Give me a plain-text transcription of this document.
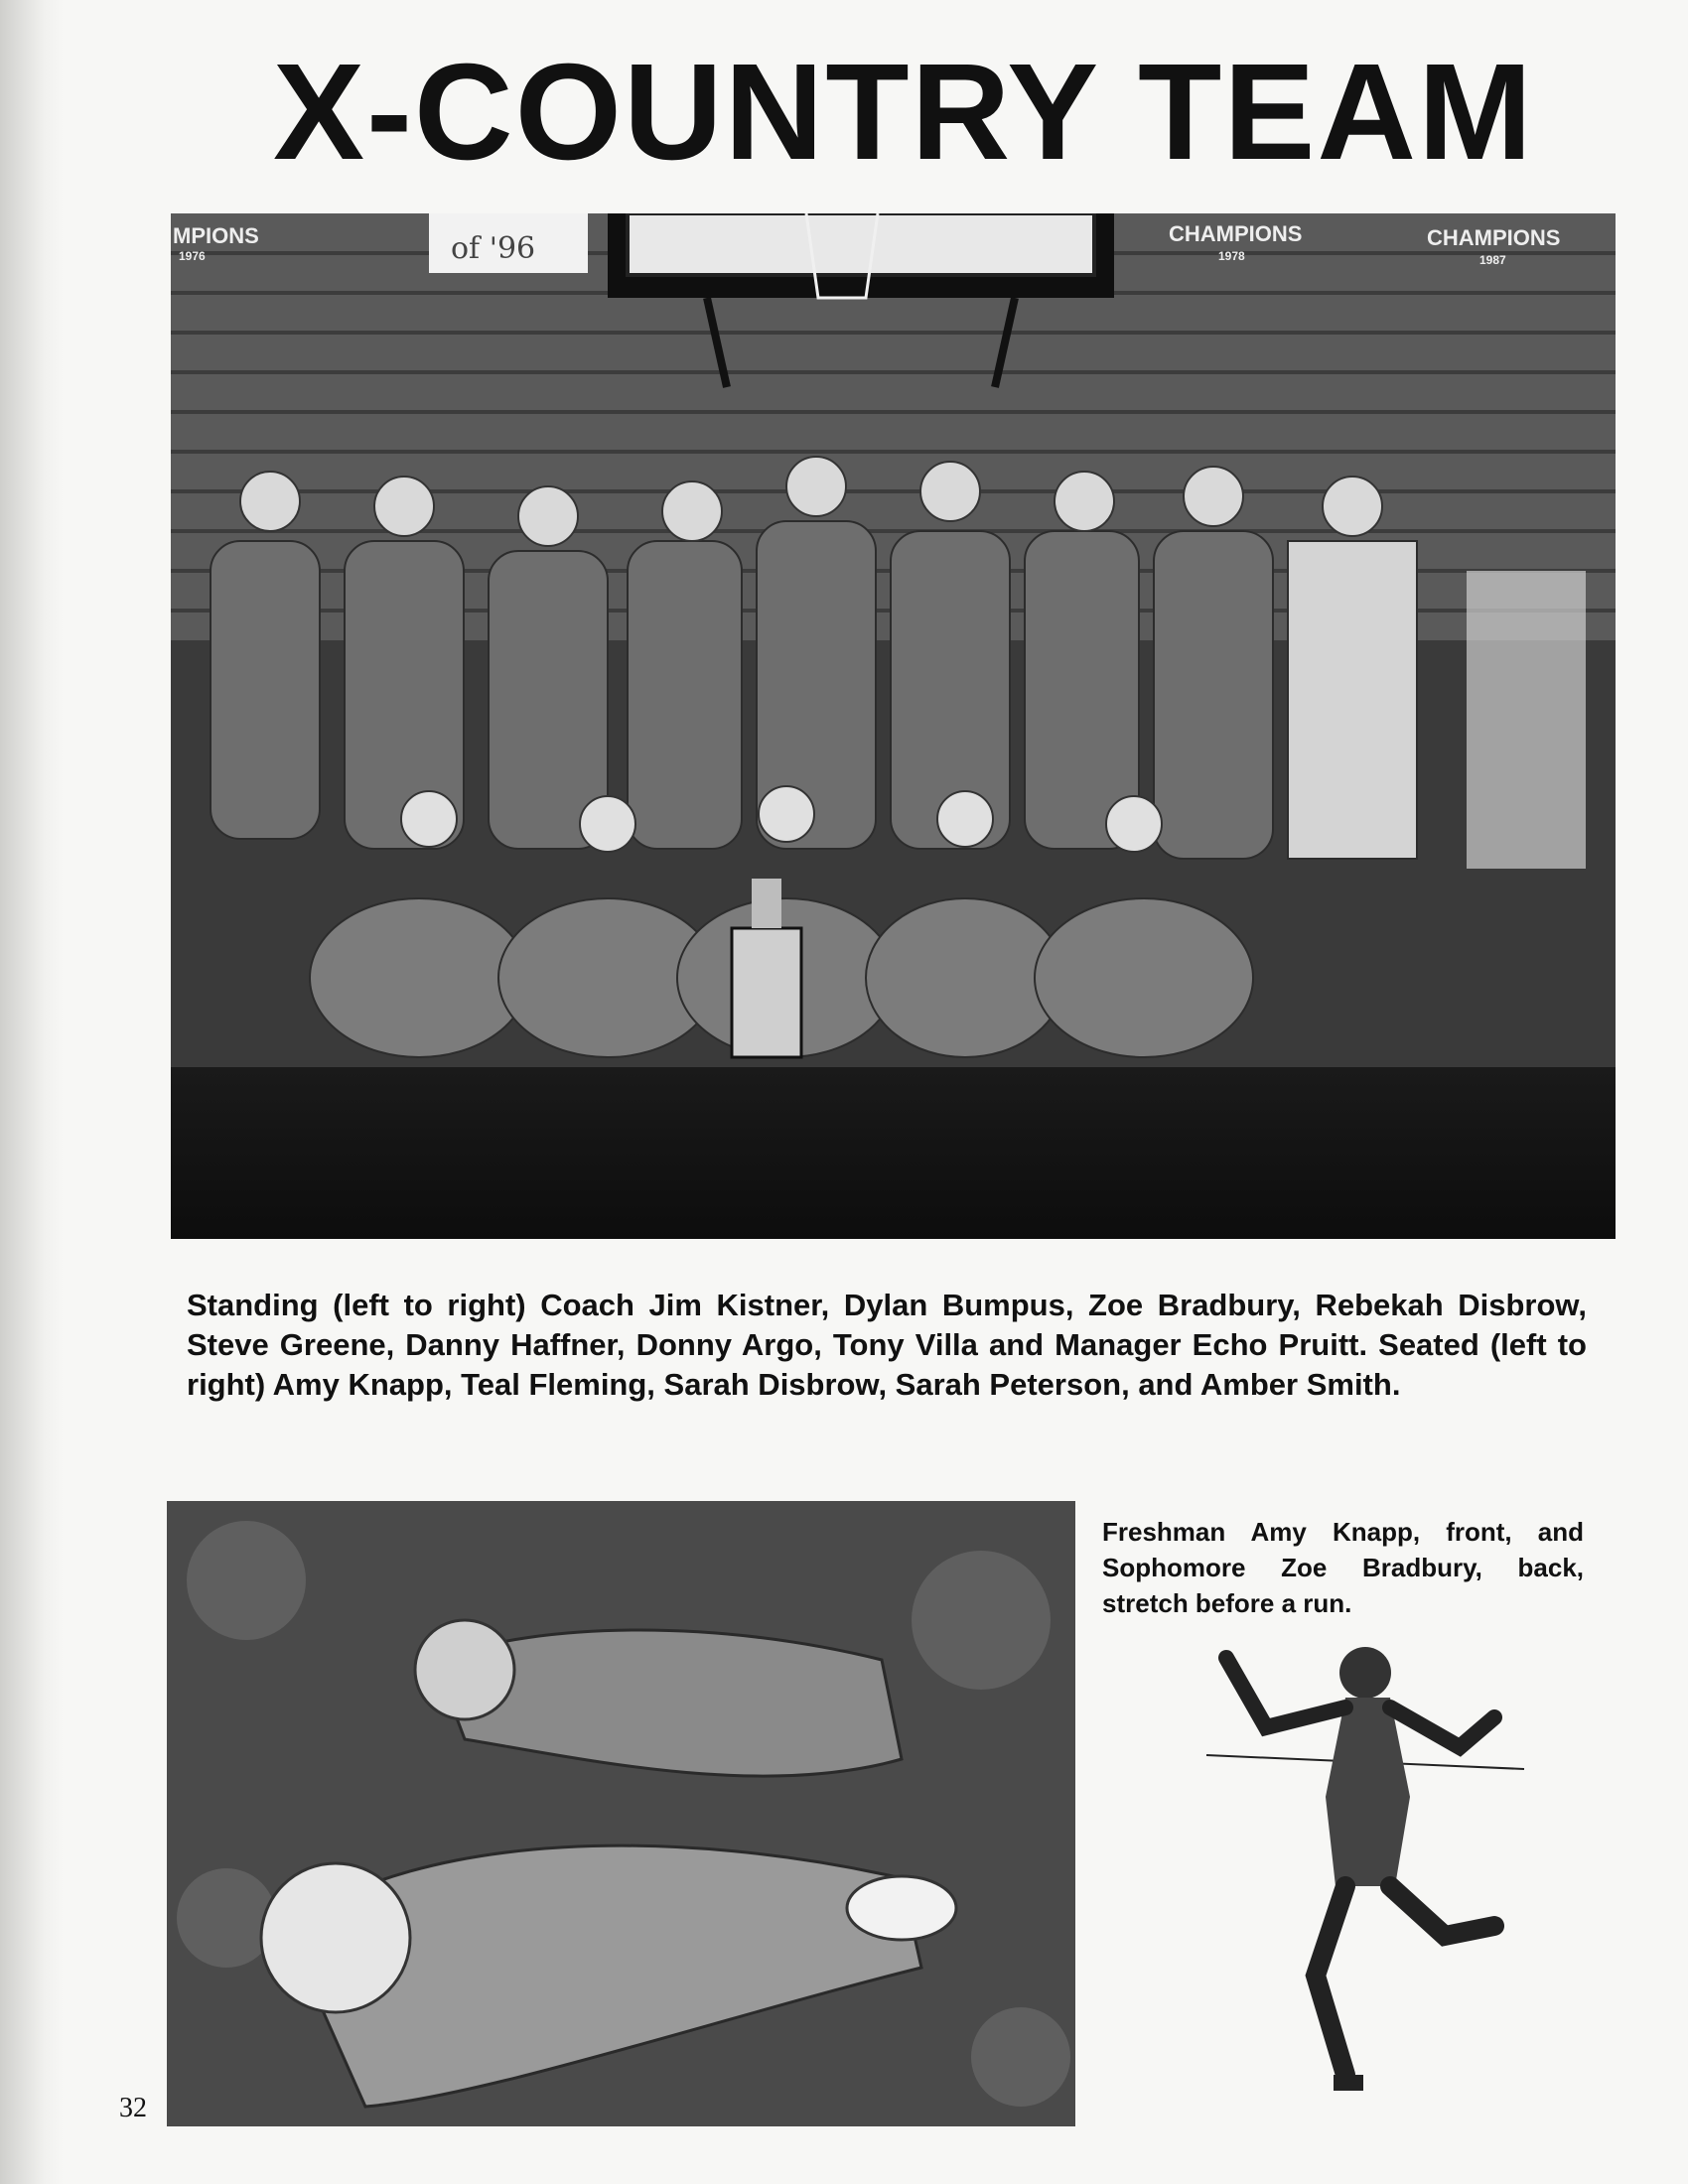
X-COUNTRY TEAM
MPIONS
1976	of '96	CHAMPIONS
1978
CHAMPIONS
1987

Standing (left to right) Coach Jim Kistner, Dylan Bumpus, Zoe Bradbury, Rebekah Disbrow, Steve Greene, Danny Haffner, Donny Argo, Tony Villa and Manager Echo Pruitt. Seated (left to right) Amy Knapp, Teal Fleming, Sarah Disbrow, Sarah Peterson, and Amber Smith.

Freshman Amy Knapp, front, and Sophomore Zoe Bradbury, back, stretch before a run.

32
